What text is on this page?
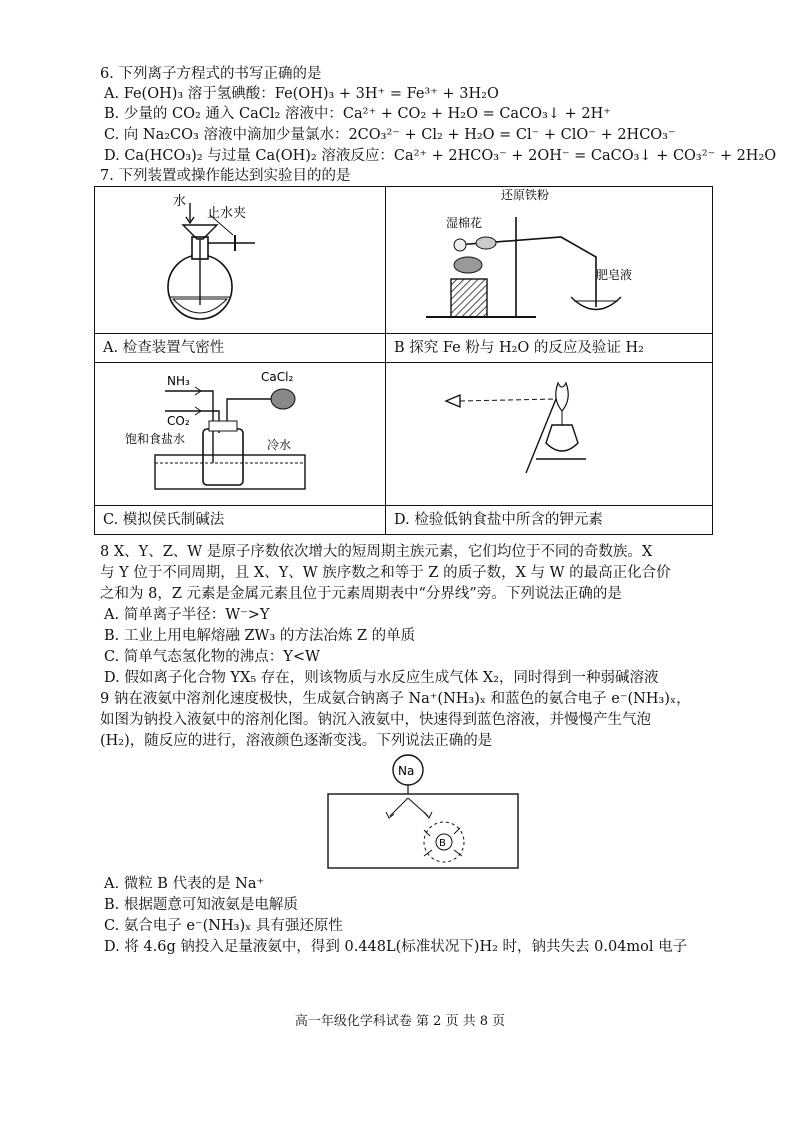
6. 下列离子方程式的书写正确的是
A. Fe(OH)₃ 溶于氢碘酸：Fe(OH)₃ + 3H⁺ = Fe³⁺ + 3H₂O
B. 少量的 CO₂ 通入 CaCl₂ 溶液中：Ca²⁺ + CO₂ + H₂O = CaCO₃↓ + 2H⁺
C. 向 Na₂CO₃ 溶液中滴加少量氯水：2CO₃²⁻ + Cl₂ + H₂O = Cl⁻ + ClO⁻ + 2HCO₃⁻
D. Ca(HCO₃)₂ 与过量 Ca(OH)₂ 溶液反应：Ca²⁺ + 2HCO₃⁻ + 2OH⁻ = CaCO₃↓ + CO₃²⁻ + 2H₂O
7. 下列装置或操作能达到实验目的的是
水
止水夹	湿棉花
还原铁粉
肥皂液

A. 检查装置气密性	B 探究 Fe 粉与 H₂O 的反应及验证 H₂

NH₃
CO₂
CaCl₂
饱和食盐水 冷水

C. 模拟侯氏制碱法	D. 检验低钠食盐中所含的钾元素
8 X、Y、Z、W 是原子序数依次增大的短周期主族元素，它们均位于不同的奇数族。X
与 Y 位于不同周期，且 X、Y、W 族序数之和等于 Z 的质子数，X 与 W 的最高正化合价
之和为 8，Z 元素是金属元素且位于元素周期表中“分界线”旁。下列说法正确的是
A. 简单离子半径：W⁻>Y
B. 工业上用电解熔融 ZW₃ 的方法冶炼 Z 的单质
C. 简单气态氢化物的沸点：Y<W
D. 假如离子化合物 YX₅ 存在，则该物质与水反应生成气体 X₂，同时得到一种弱碱溶液
9 钠在液氨中溶剂化速度极快，生成氨合钠离子 Na⁺(NH₃)ₓ 和蓝色的氨合电子 e⁻(NH₃)ₓ，
如图为钠投入液氨中的溶剂化图。钠沉入液氨中，快速得到蓝色溶液，并慢慢产生气泡
(H₂)，随反应的进行，溶液颜色逐渐变浅。下列说法正确的是
Na
B
A. 微粒 B 代表的是 Na⁺
B. 根据题意可知液氨是电解质
C. 氨合电子 e⁻(NH₃)ₓ 具有强还原性
D. 将 4.6g 钠投入足量液氨中，得到 0.448L(标准状况下)H₂ 时，钠共失去 0.04mol 电子
高一年级化学科试卷 第 2 页 共 8 页
